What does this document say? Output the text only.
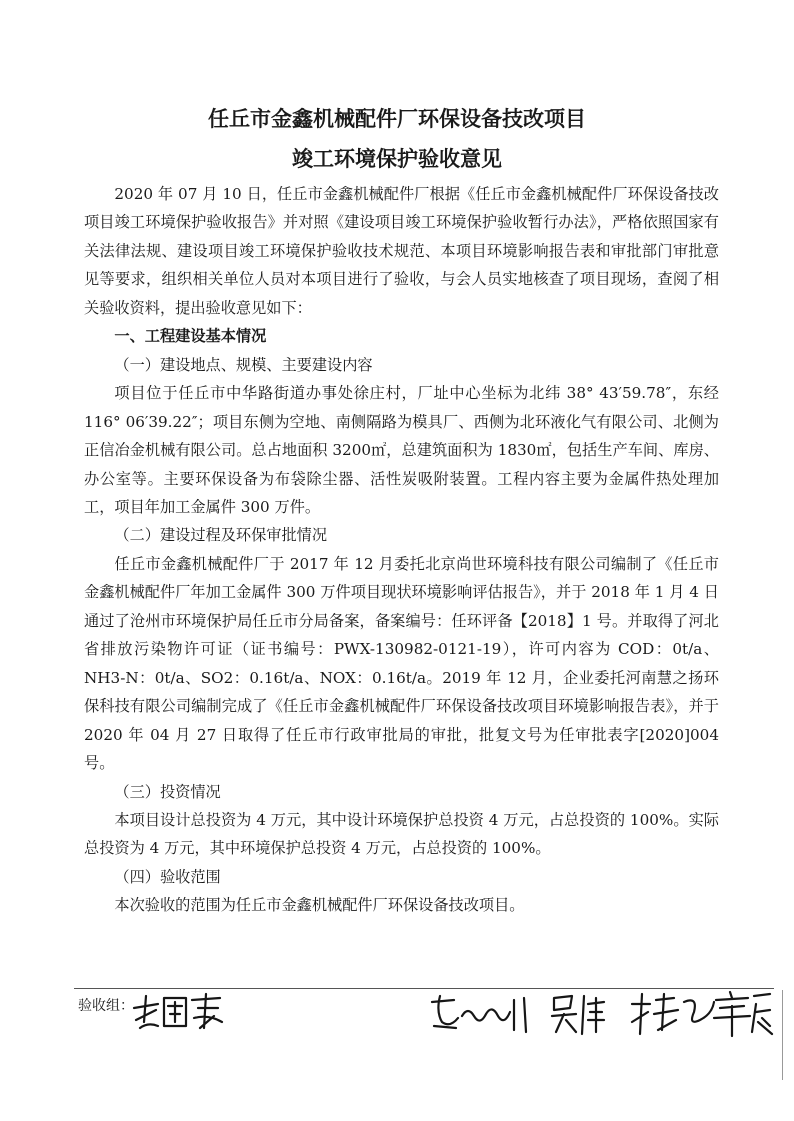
任丘市金鑫机械配件厂环保设备技改项目
竣工环境保护验收意见

2020 年 07 月 10 日，任丘市金鑫机械配件厂根据《任丘市金鑫机械配件厂环保设备技改项目竣工环境保护验收报告》并对照《建设项目竣工环境保护验收暂行办法》，严格依照国家有关法律法规、建设项目竣工环境保护验收技术规范、本项目环境影响报告表和审批部门审批意见等要求，组织相关单位人员对本项目进行了验收，与会人员实地核查了项目现场，查阅了相关验收资料，提出验收意见如下：

一、工程建设基本情况

（一）建设地点、规模、主要建设内容

项目位于任丘市中华路街道办事处徐庄村，厂址中心坐标为北纬 38° 43′59.78″，东经 116° 06′39.22″；项目东侧为空地、南侧隔路为模具厂、西侧为北环液化气有限公司、北侧为正信冶金机械有限公司。总占地面积 3200㎡，总建筑面积为 1830㎡，包括生产车间、库房、办公室等。主要环保设备为布袋除尘器、活性炭吸附装置。工程内容主要为金属件热处理加工，项目年加工金属件 300 万件。

（二）建设过程及环保审批情况

任丘市金鑫机械配件厂于 2017 年 12 月委托北京尚世环境科技有限公司编制了《任丘市金鑫机械配件厂年加工金属件 300 万件项目现状环境影响评估报告》，并于 2018 年 1 月 4 日通过了沧州市环境保护局任丘市分局备案，备案编号：任环评备【2018】1 号。并取得了河北省排放污染物许可证（证书编号：PWX-130982-0121-19），许可内容为 COD：0t/a、NH3-N：0t/a、SO2：0.16t/a、NOX：0.16t/a。2019 年 12 月，企业委托河南慧之扬环保科技有限公司编制完成了《任丘市金鑫机械配件厂环保设备技改项目环境影响报告表》，并于 2020 年 04 月 27 日取得了任丘市行政审批局的审批，批复文号为任审批表字[2020]004 号。

（三）投资情况

本项目设计总投资为 4 万元，其中设计环境保护总投资 4 万元，占总投资的 100%。实际总投资为 4 万元，其中环境保护总投资 4 万元，占总投资的 100%。

（四）验收范围

本次验收的范围为任丘市金鑫机械配件厂环保设备技改项目。

验收组：
